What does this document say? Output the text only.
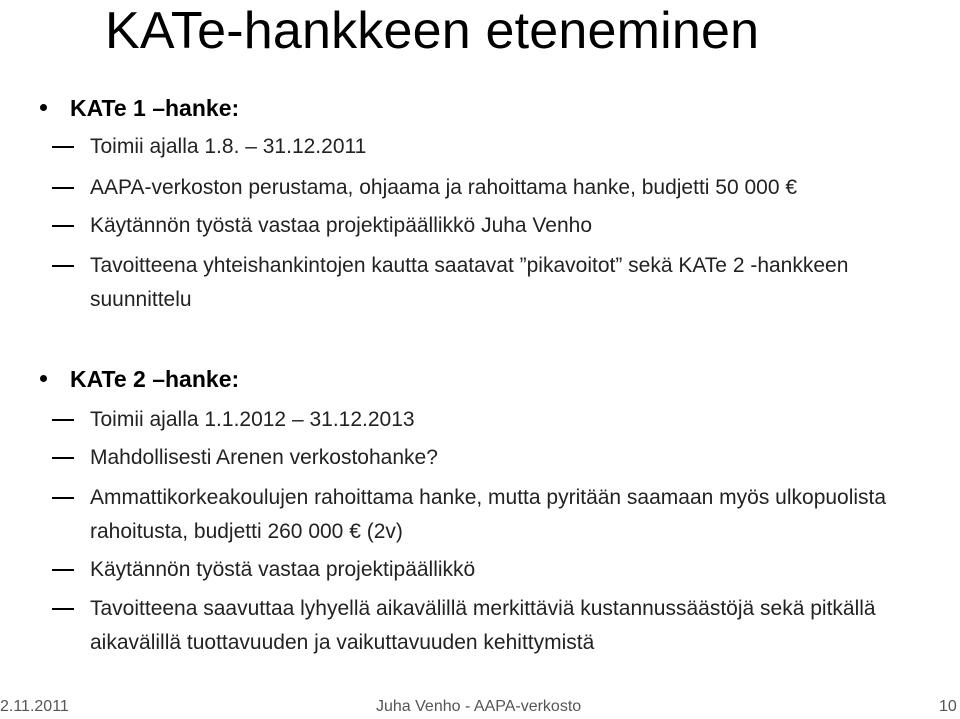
KATe-hankkeen eteneminen
KATe 1 –hanke:
Toimii ajalla 1.8. – 31.12.2011
AAPA-verkoston perustama, ohjaama ja rahoittama hanke, budjetti 50 000 €
Käytännön työstä vastaa projektipäällikkö Juha Venho
Tavoitteena yhteishankintojen kautta saatavat ”pikavoitot” sekä KATe 2 -hankkeen suunnittelu
KATe 2 –hanke:
Toimii ajalla 1.1.2012 – 31.12.2013
Mahdollisesti Arenen verkostohanke?
Ammattikorkeakoulujen rahoittama hanke, mutta pyritään saamaan myös ulkopuolista rahoitusta, budjetti 260 000 € (2v)
Käytännön työstä vastaa projektipäällikkö
Tavoitteena saavuttaa lyhyellä aikavälillä merkittäviä kustannussäästöjä sekä pitkällä aikavälillä tuottavuuden ja vaikuttavuuden kehittymistä
2.11.2011	Juha Venho - AAPA-verkosto	10
